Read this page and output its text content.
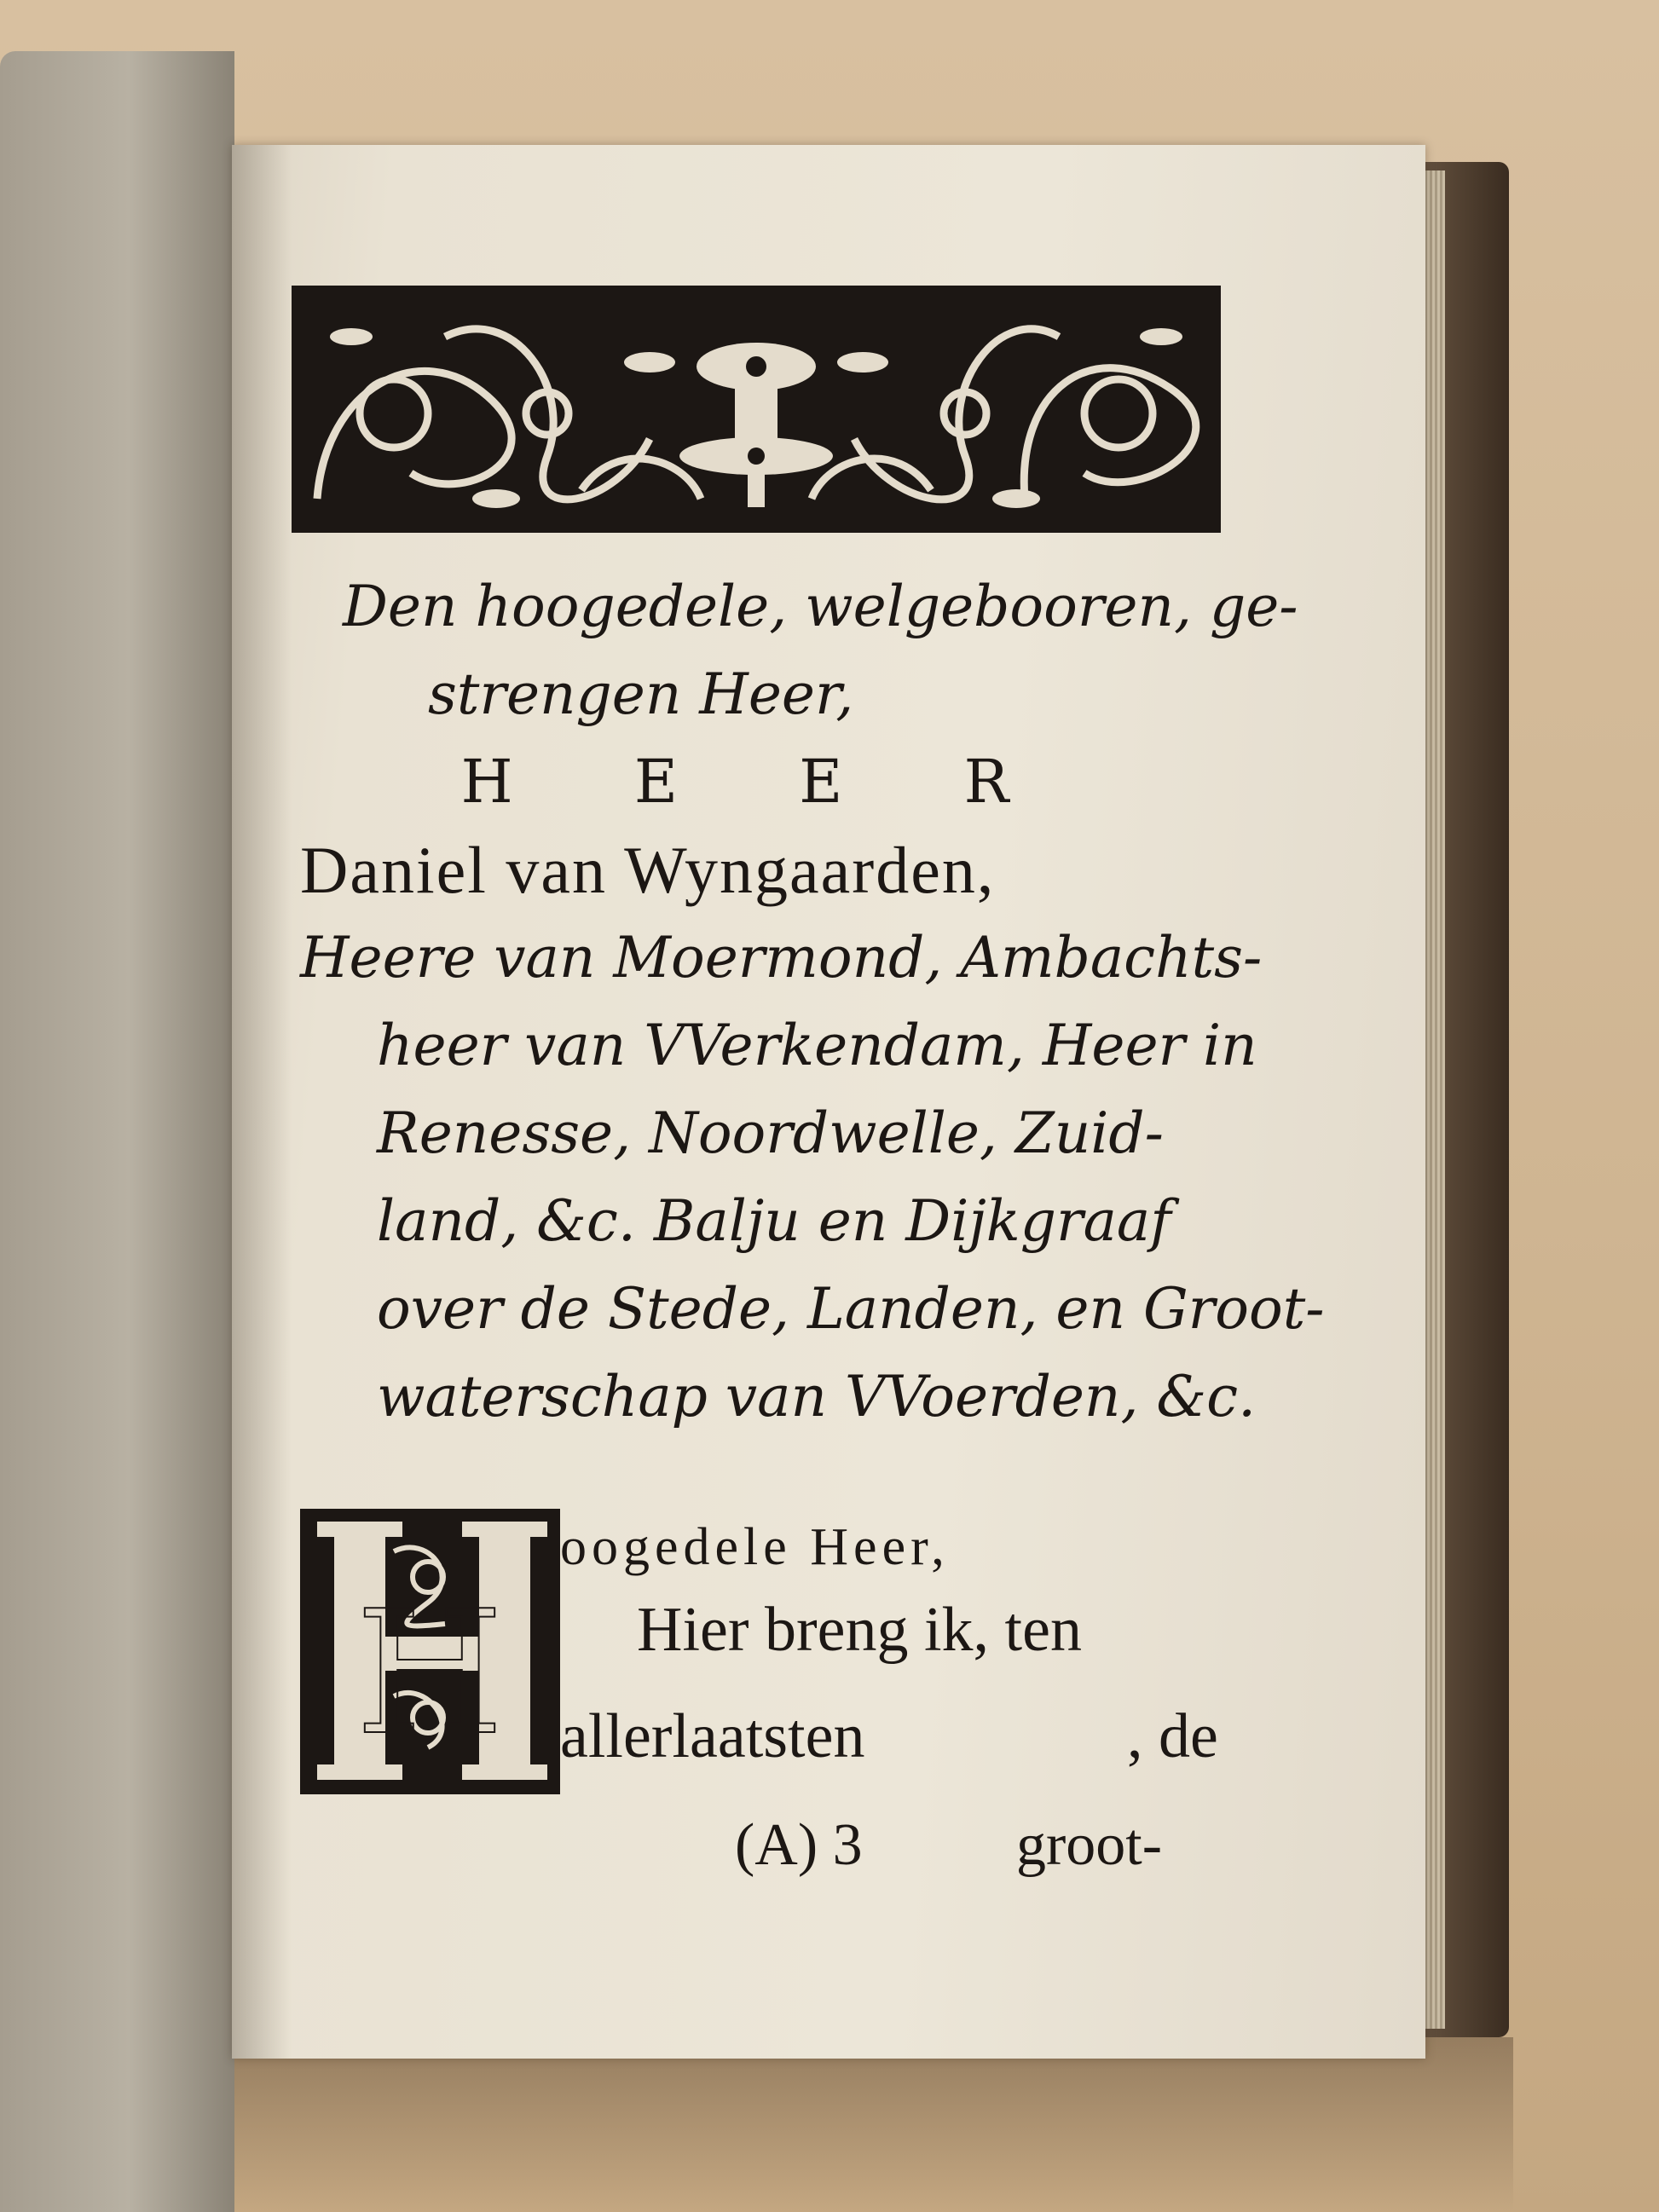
Den hoogedele, welgebooren, ge-
strengen Heer,
H E E R
Daniel van Wyngaarden,
Heere van Moermond, Ambachts-
heer van VVerkendam, Heer in
Renesse, Noordwelle, Zuid-
land, &c. Balju en Dijkgraaf
over de Stede, Landen, en Groot-
waterschap van VVoerden, &c.
H
oogedele Heer,
Hier breng ik, ten
allerlaatsten	, de
(A) 3	groot-
